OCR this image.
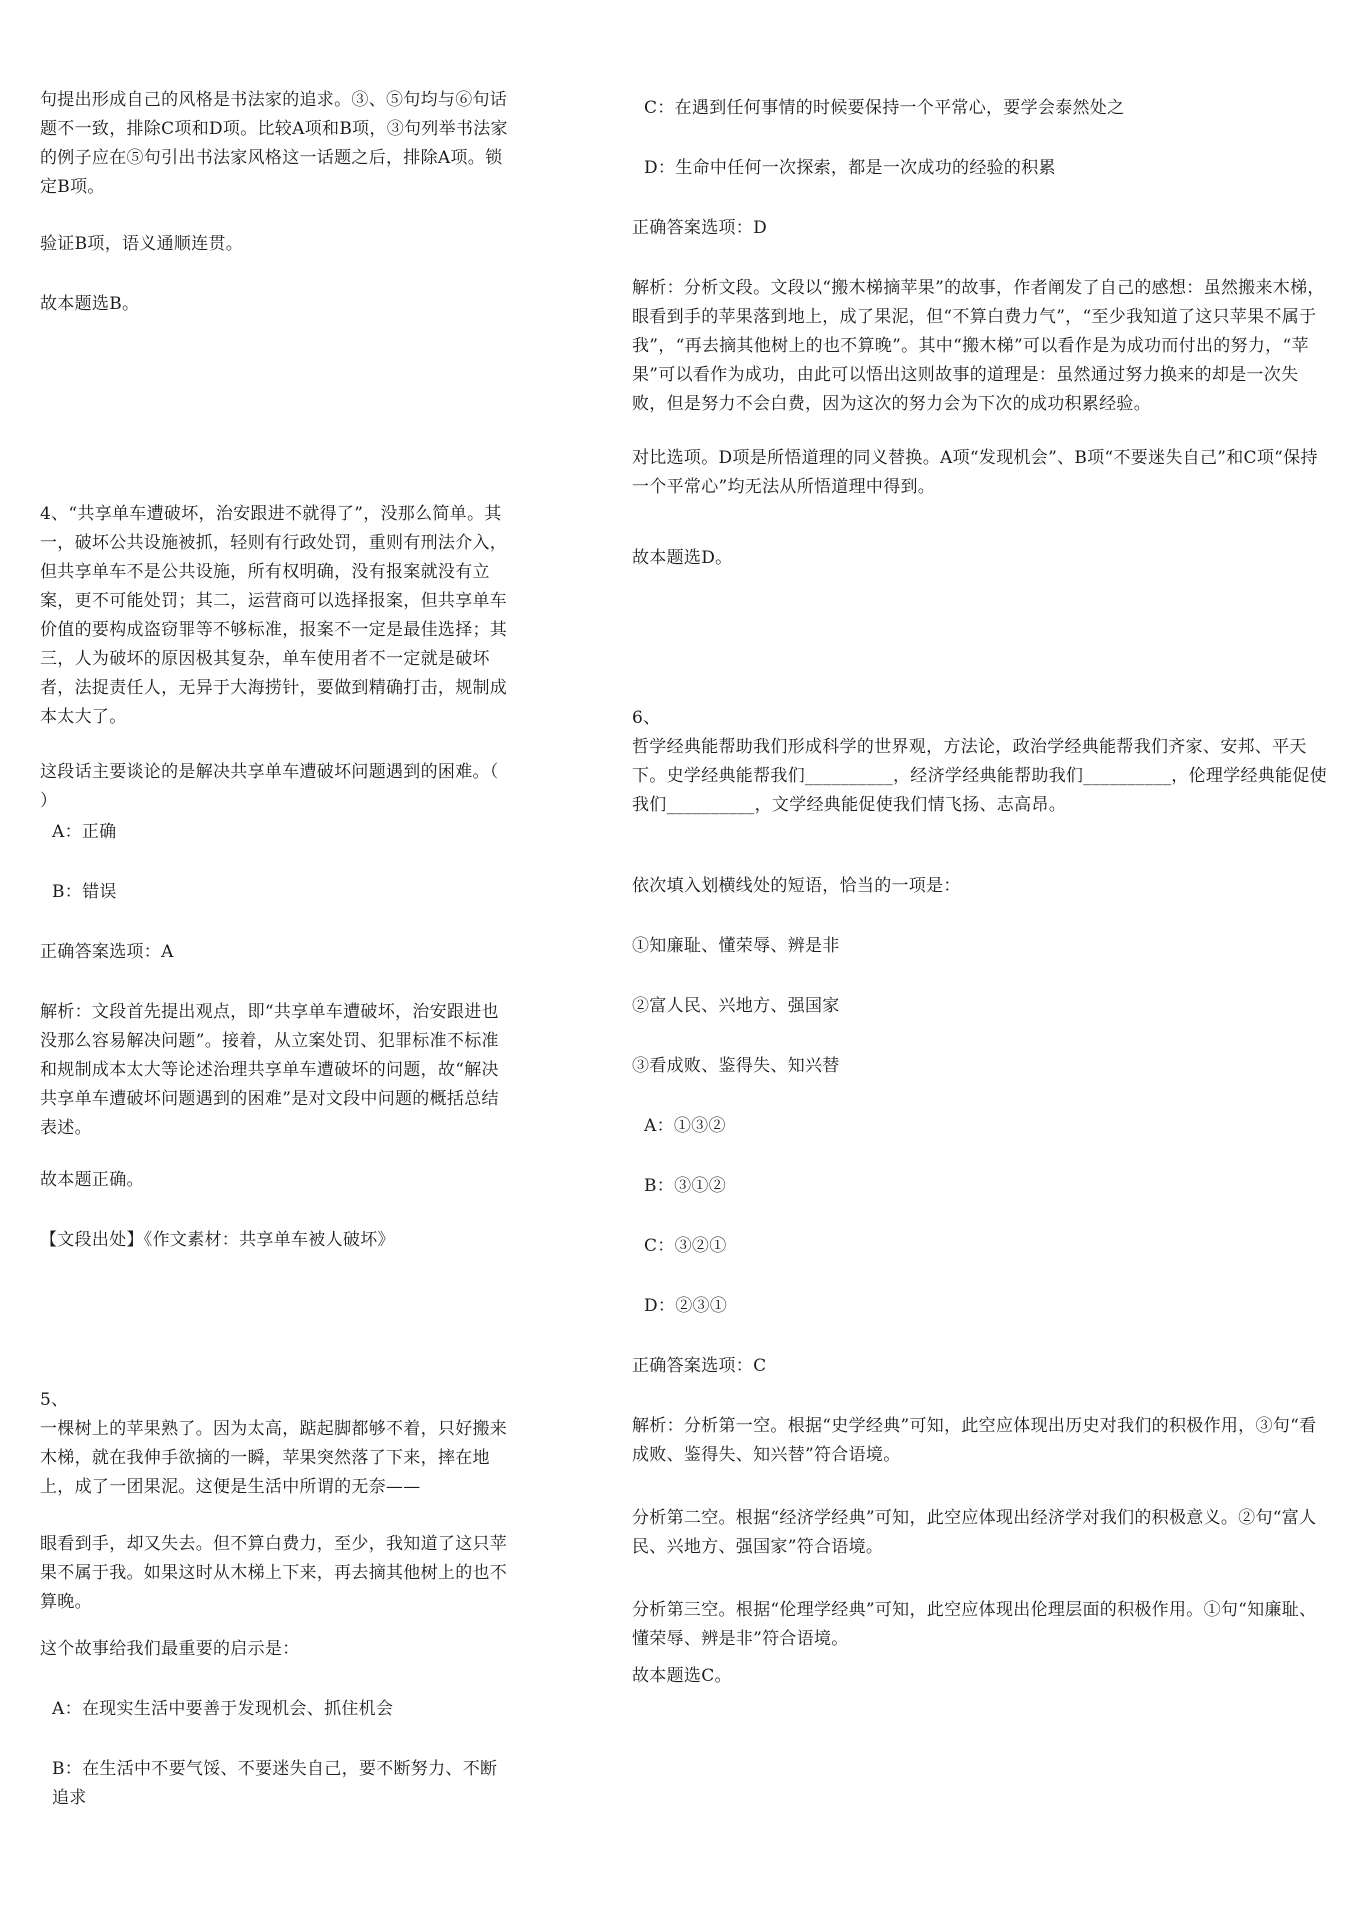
句提出形成自己的风格是书法家的追求。③、⑤句均与⑥句话题不一致，排除C项和D项。比较A项和B项，③句列举书法家的例子应在⑤句引出书法家风格这一话题之后，排除A项。锁定B项。

验证B项，语义通顺连贯。

故本题选B。

4、“共享单车遭破坏，治安跟进不就得了”，没那么简单。其一，破坏公共设施被抓，轻则有行政处罚，重则有刑法介入，但共享单车不是公共设施，所有权明确，没有报案就没有立案，更不可能处罚；其二，运营商可以选择报案，但共享单车价值的要构成盗窃罪等不够标准，报案不一定是最佳选择；其三，人为破坏的原因极其复杂，单车使用者不一定就是破坏者，法捉责任人，无异于大海捞针，要做到精确打击，规制成本太大了。

这段话主要谈论的是解决共享单车遭破坏问题遇到的困难。（  ）

A：正确

B：错误

正确答案选项：A

解析：文段首先提出观点，即“共享单车遭破坏，治安跟进也没那么容易解决问题”。接着，从立案处罚、犯罪标准不标准和规制成本太大等论述治理共享单车遭破坏的问题，故“解决共享单车遭破坏问题遇到的困难”是对文段中问题的概括总结表述。

故本题正确。

【文段出处】《作文素材：共享单车被人破坏》

5、

一棵树上的苹果熟了。因为太高，踮起脚都够不着，只好搬来木梯，就在我伸手欲摘的一瞬，苹果突然落了下来，摔在地上，成了一团果泥。这便是生活中所谓的无奈——

眼看到手，却又失去。但不算白费力，至少，我知道了这只苹果不属于我。如果这时从木梯上下来，再去摘其他树上的也不算晚。

这个故事给我们最重要的启示是：

A：在现实生活中要善于发现机会、抓住机会

B：在生活中不要气馁、不要迷失自己，要不断努力、不断追求

C：在遇到任何事情的时候要保持一个平常心，要学会泰然处之

D：生命中任何一次探索，都是一次成功的经验的积累

正确答案选项：D

解析：分析文段。文段以“搬木梯摘苹果”的故事，作者阐发了自己的感想：虽然搬来木梯，眼看到手的苹果落到地上，成了果泥，但“不算白费力气”，“至少我知道了这只苹果不属于我”，“再去摘其他树上的也不算晚”。其中“搬木梯”可以看作是为成功而付出的努力，“苹果”可以看作为成功，由此可以悟出这则故事的道理是：虽然通过努力换来的却是一次失败，但是努力不会白费，因为这次的努力会为下次的成功积累经验。

对比选项。D项是所悟道理的同义替换。A项“发现机会”、B项“不要迷失自己”和C项“保持一个平常心”均无法从所悟道理中得到。

故本题选D。

6、

哲学经典能帮助我们形成科学的世界观，方法论，政治学经典能帮我们齐家、安邦、平天下。史学经典能帮我们__________，经济学经典能帮助我们__________，伦理学经典能促使我们__________，文学经典能促使我们情飞扬、志高昂。

依次填入划横线处的短语，恰当的一项是：

①知廉耻、懂荣辱、辨是非

②富人民、兴地方、强国家

③看成败、鉴得失、知兴替

A：①③②

B：③①②

C：③②①

D：②③①

正确答案选项：C

解析：分析第一空。根据“史学经典”可知，此空应体现出历史对我们的积极作用，③句“看成败、鉴得失、知兴替”符合语境。

分析第二空。根据“经济学经典”可知，此空应体现出经济学对我们的积极意义。②句“富人民、兴地方、强国家”符合语境。

分析第三空。根据“伦理学经典”可知，此空应体现出伦理层面的积极作用。①句“知廉耻、懂荣辱、辨是非”符合语境。

故本题选C。
